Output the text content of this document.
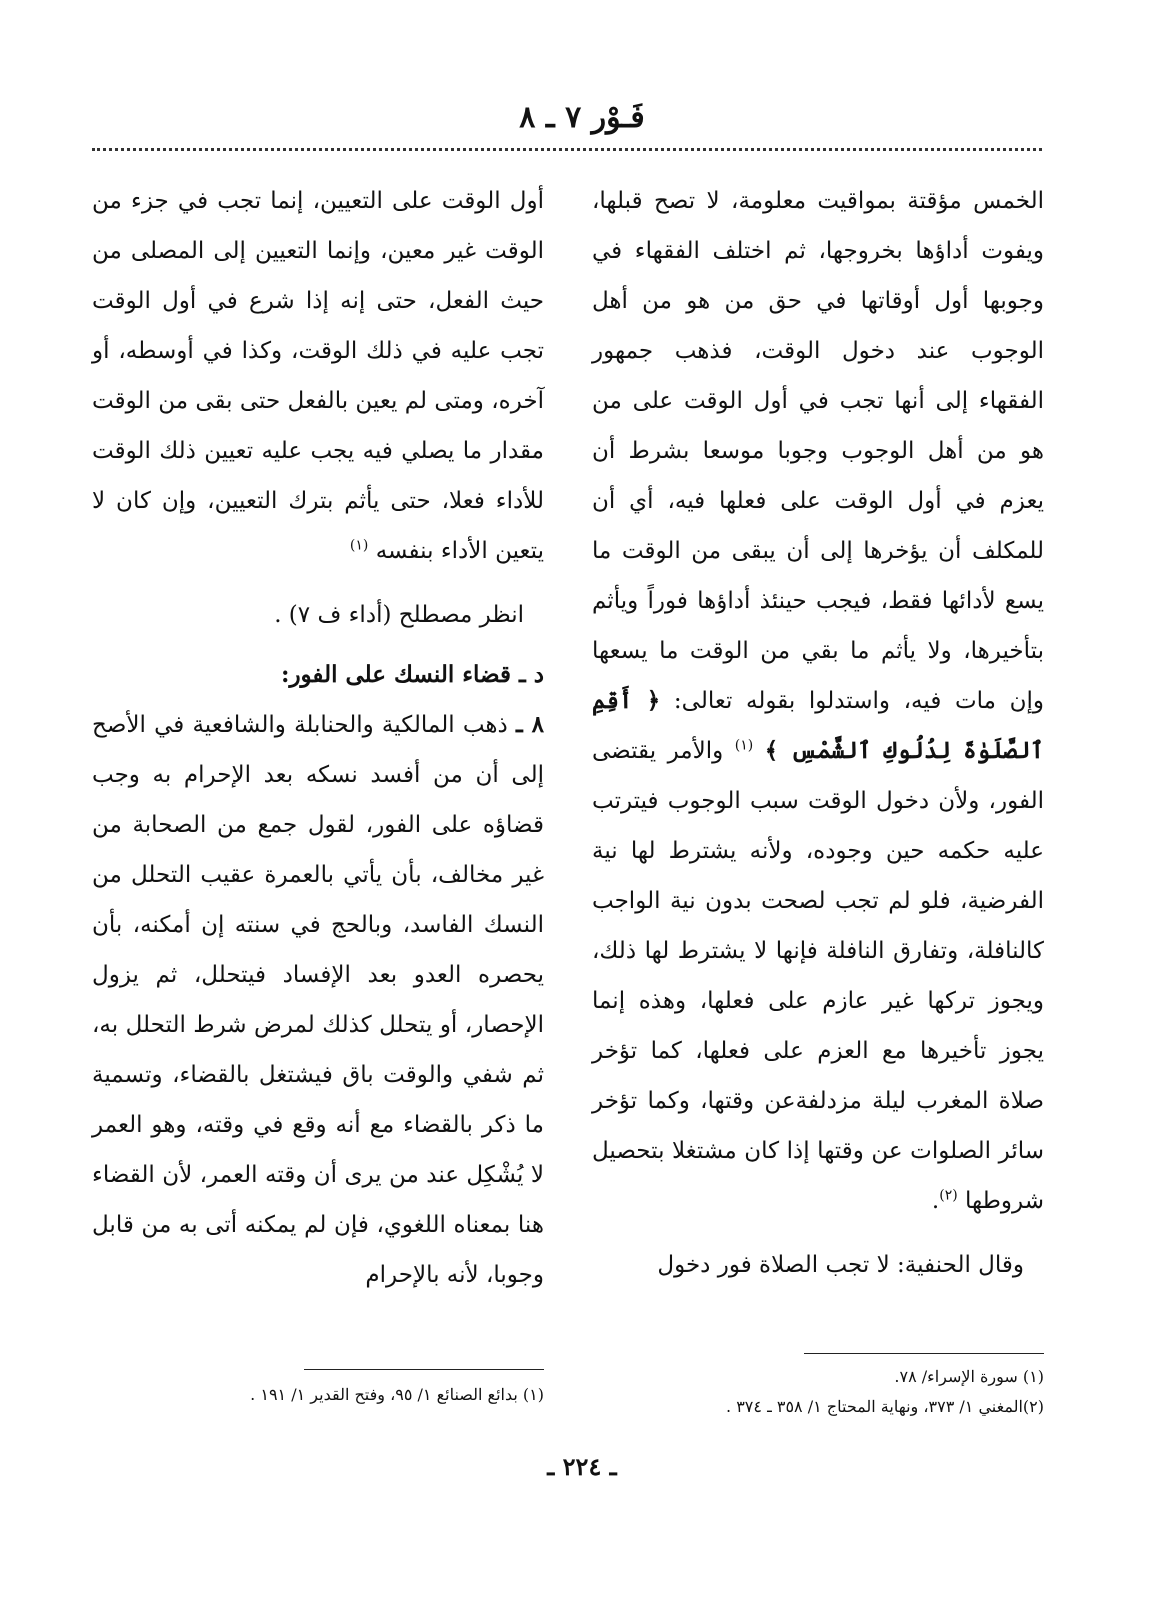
فَـوْر ٧ ـ ٨

الخمس مؤقتة بمواقيت معلومة، لا تصح قبلها، ويفوت أداؤها بخروجها، ثم اختلف الفقهاء في وجوبها أول أوقاتها في حق من هو من أهل الوجوب عند دخول الوقت، فذهب جمهور الفقهاء إلى أنها تجب في أول الوقت على من هو من أهل الوجوب وجوبا موسعا بشرط أن يعزم في أول الوقت على فعلها فيه، أي أن للمكلف أن يؤخرها إلى أن يبقى من الوقت ما يسع لأدائها فقط، فيجب حينئذ أداؤها فوراً ويأثم بتأخيرها، ولا يأثم ما بقي من الوقت ما يسعها وإن مات فيه، واستدلوا بقوله تعالى: ﴿ أَقِمِ ٱلصَّلَوٰةَ لِدُلُوكِ ٱلشَّمْسِ ﴾ $^{(١)}$ والأمر يقتضى الفور، ولأن دخول الوقت سبب الوجوب فيترتب عليه حكمه حين وجوده، ولأنه يشترط لها نية الفرضية، فلو لم تجب لصحت بدون نية الواجب كالنافلة، وتفارق النافلة فإنها لا يشترط لها ذلك، ويجوز تركها غير عازم على فعلها، وهذه إنما يجوز تأخيرها مع العزم على فعلها، كما تؤخر صلاة المغرب ليلة مزدلفةعن وقتها، وكما تؤخر سائر الصلوات عن وقتها إذا كان مشتغلا بتحصيل شروطها $^{(٢)}$.

وقال الحنفية: لا تجب الصلاة فور دخول

أول الوقت على التعيين، إنما تجب في جزء من الوقت غير معين، وإنما التعيين إلى المصلى من حيث الفعل، حتى إنه إذا شرع في أول الوقت تجب عليه في ذلك الوقت، وكذا في أوسطه، أو آخره، ومتى لم يعين بالفعل حتى بقى من الوقت مقدار ما يصلي فيه يجب عليه تعيين ذلك الوقت للأداء فعلا، حتى يأثم بترك التعيين، وإن كان لا يتعين الأداء بنفسه $^{(١)}$

انظر مصطلح (أداء ف ٧) .

د ـ قضاء النسك على الفور:

٨ ـ ذهب المالكية والحنابلة والشافعية في الأصح إلى أن من أفسد نسكه بعد الإحرام به وجب قضاؤه على الفور، لقول جمع من الصحابة من غير مخالف، بأن يأتي بالعمرة عقيب التحلل من النسك الفاسد، وبالحج في سنته إن أمكنه، بأن يحصره العدو بعد الإفساد فيتحلل، ثم يزول الإحصار، أو يتحلل كذلك لمرض شرط التحلل به، ثم شفي والوقت باق فيشتغل بالقضاء، وتسمية ما ذكر بالقضاء مع أنه وقع في وقته، وهو العمر لا يُشْكِل عند من يرى أن وقته العمر، لأن القضاء هنا بمعناه اللغوي، فإن لم يمكنه أتى به من قابل وجوبا، لأنه بالإحرام

(١) سورة الإسراء/ ٧٨.

(٢)المغني ١/ ٣٧٣، ونهاية المحتاج ١/ ٣٥٨ ـ ٣٧٤ .

(١) بدائع الصنائع ١/ ٩٥، وفتح القدير ١/ ١٩١ .

ـ ٢٢٤ ـ
